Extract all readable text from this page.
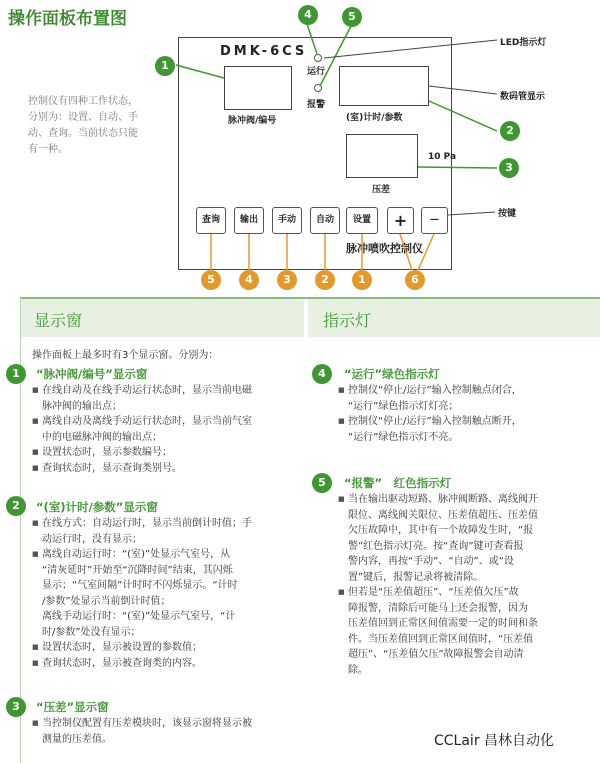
操作面板布置图
控制仪有四种工作状态，
分别为：设置、自动、手
动、查询。当前状态只能
有一种。
DMK-6CS
脉冲阀/编号
运行
报警
(室)计时/参数
10 Pa
压差
查询	输出	手动	自动	设置	+	—
脉冲喷吹控制仪
1
2
3
4	5
5	4	3	2	1	6
LED指示灯
数码管显示
按键
显示窗	指示灯
操作面板上最多时有3个显示窗。分别为：
1	“脉冲阀/编号”显示窗
■ 在线自动及在线手动运行状态时，显示当前电磁
脉冲阀的输出点；
■ 离线自动及离线手动运行状态时，显示当前气室
中的电磁脉冲阀的输出点；
■ 设置状态时，显示参数编号；
■ 查询状态时，显示查询类别号。
2	“(室)计时/参数”显示窗
■ 在线方式：自动运行时，显示当前倒计时值；手
动运行时，没有显示；
■ 离线自动运行时：“(室)”处显示气室号，从
“清灰延时”开始至“沉降时间”结束，其闪烁
显示；“气室间隔”计时时不闪烁显示。“计时
/参数”处显示当前倒计时值；
离线手动运行时：“(室)”处显示气室号，“计
时/参数”处没有显示；
■ 设置状态时，显示被设置的参数值；
■ 查询状态时，显示被查询类的内容。
3	“压差”显示窗
■ 当控制仪配置有压差模块时，该显示窗将显示被
测量的压差值。
4	“运行”绿色指示灯
■ 控制仪“停止/运行”输入控制触点闭合，
“运行”绿色指示灯灯亮；
■ 控制仪“停止/运行”输入控制触点断开，
“运行”绿色指示灯不亮。
5	“报警”　红色指示灯
■ 当在输出驱动短路、脉冲阀断路、离线阀开
限位、离线阀关限位、压差值超压、压差值
欠压故障中，其中有一个故障发生时，“报
警”红色指示灯亮。按“查询”键可查看报
警内容，再按“手动”、“自动”、或“设
置”键后，报警记录将被清除。
■ 但若是“压差值超压”、“压差值欠压”故
障报警，清除后可能马上还会报警，因为
压差值回到正常区间值需要一定的时间和条
件。当压差值回到正常区间值时，“压差值
超压”、“压差值欠压”故障报警会自动清
除。
CCLair 昌林自动化
